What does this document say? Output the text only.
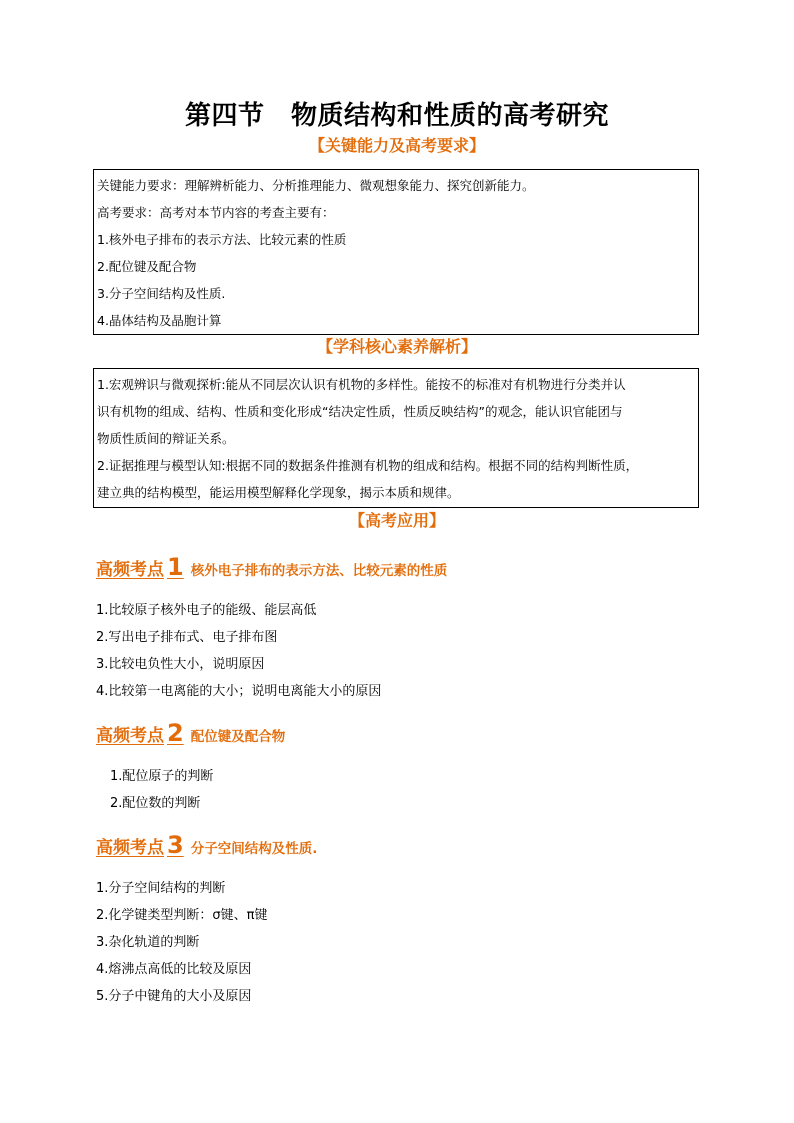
第四节　物质结构和性质的高考研究
【关键能力及高考要求】

关键能力要求：理解辨析能力、分析推理能力、微观想象能力、探究创新能力。

高考要求：高考对本节内容的考查主要有：

1.核外电子排布的表示方法、比较元素的性质

2.配位键及配合物

3.分子空间结构及性质.

4.晶体结构及晶胞计算

【学科核心素养解析】

1.宏观辨识与微观探析:能从不同层次认识有机物的多样性。能按不的标准对有机物进行分类并认

识有机物的组成、结构、性质和变化形成“结决定性质，性质反映结构”的观念，能认识官能团与

物质性质间的辩证关系。

2.证据推理与模型认知:根据不同的数据条件推测有机物的组成和结构。根据不同的结构判断性质，

建立典的结构模型，能运用模型解释化学现象，揭示本质和规律。

【高考应用】
高频考点 1 核外电子排布的表示方法、比较元素的性质
1.比较原子核外电子的能级、能层高低
2.写出电子排布式、电子排布图
3.比较电负性大小，说明原因
4.比较第一电离能的大小；说明电离能大小的原因
高频考点 2 配位键及配合物
1.配位原子的判断
2.配位数的判断
高频考点 3 分子空间结构及性质.
1.分子空间结构的判断
2.化学键类型判断：σ键、π键
3.杂化轨道的判断
4.熔沸点高低的比较及原因
5.分子中键角的大小及原因
